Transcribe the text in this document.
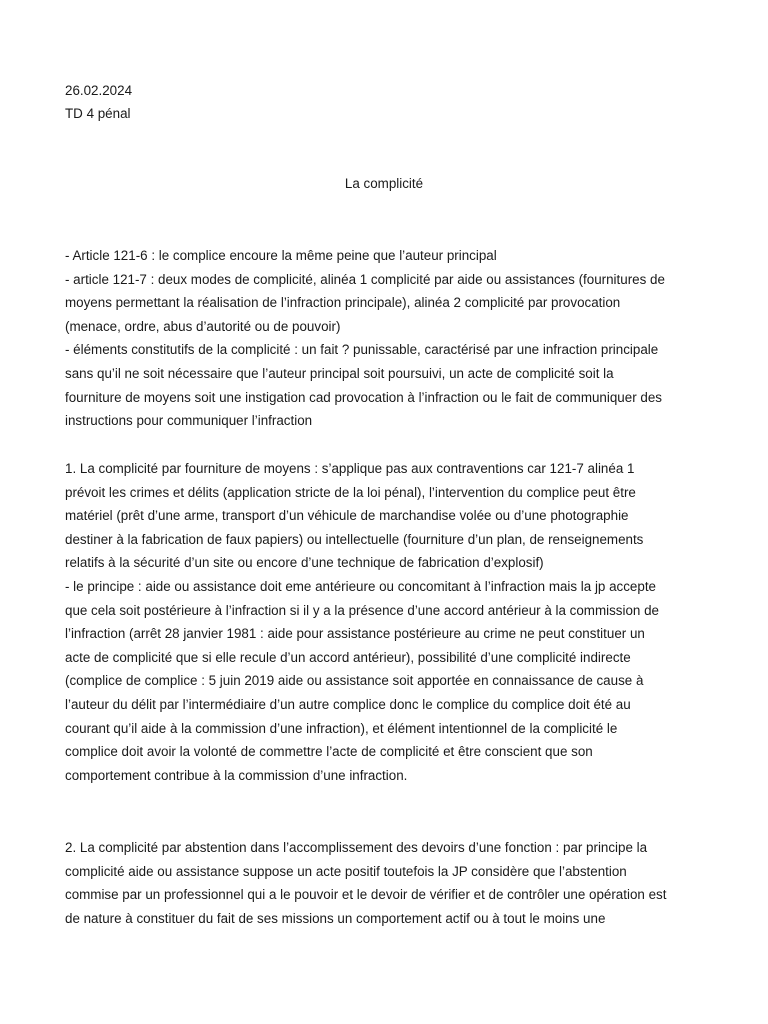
26.02.2024
TD 4 pénal
La complicité
- Article 121-6 : le complice encoure la même peine que l’auteur principal
- article 121-7 : deux modes de complicité, alinéa 1 complicité par aide ou assistances (fournitures de
moyens permettant la réalisation de l’infraction principale), alinéa 2 complicité par provocation
(menace, ordre, abus d’autorité ou de pouvoir)
- éléments constitutifs de la complicité : un fait ? punissable, caractérisé par une infraction principale
sans qu’il ne soit nécessaire que l’auteur principal soit poursuivi, un acte de complicité soit la
fourniture de moyens soit une instigation cad provocation à l’infraction ou le fait de communiquer des
instructions pour communiquer l’infraction
1. La complicité par fourniture de moyens : s’applique pas aux contraventions car 121-7 alinéa 1
prévoit les crimes et délits (application stricte de la loi pénal), l’intervention du complice peut être
matériel (prêt d’une arme, transport d’un véhicule de marchandise volée ou d’une photographie
destiner à la fabrication de faux papiers) ou intellectuelle (fourniture d’un plan, de renseignements
relatifs à la sécurité d’un site ou encore d’une technique de fabrication d’explosif)
- le principe : aide ou assistance doit eme antérieure ou concomitant à l’infraction mais la jp accepte
que cela soit postérieure à l’infraction si il y a la présence d’une accord antérieur à la commission de
l’infraction (arrêt 28 janvier 1981 : aide pour assistance postérieure au crime ne peut constituer un
acte de complicité que si elle recule d’un accord antérieur), possibilité d’une complicité indirecte
(complice de complice : 5 juin 2019 aide ou assistance soit apportée en connaissance de cause à
l’auteur du délit par l’intermédiaire d’un autre complice donc le complice du complice doit été au
courant qu’il aide à la commission d’une infraction), et élément intentionnel de la complicité le
complice doit avoir la volonté de commettre l’acte de complicité et être conscient que son
comportement contribue à la commission d’une infraction.
2. La complicité par abstention dans l’accomplissement des devoirs d’une fonction : par principe la
complicité aide ou assistance suppose un acte positif toutefois la JP considère que l’abstention
commise par un professionnel qui a le pouvoir et le devoir de vérifier et de contrôler une opération est
de nature à constituer du fait de ses missions un comportement actif ou à tout le moins une
